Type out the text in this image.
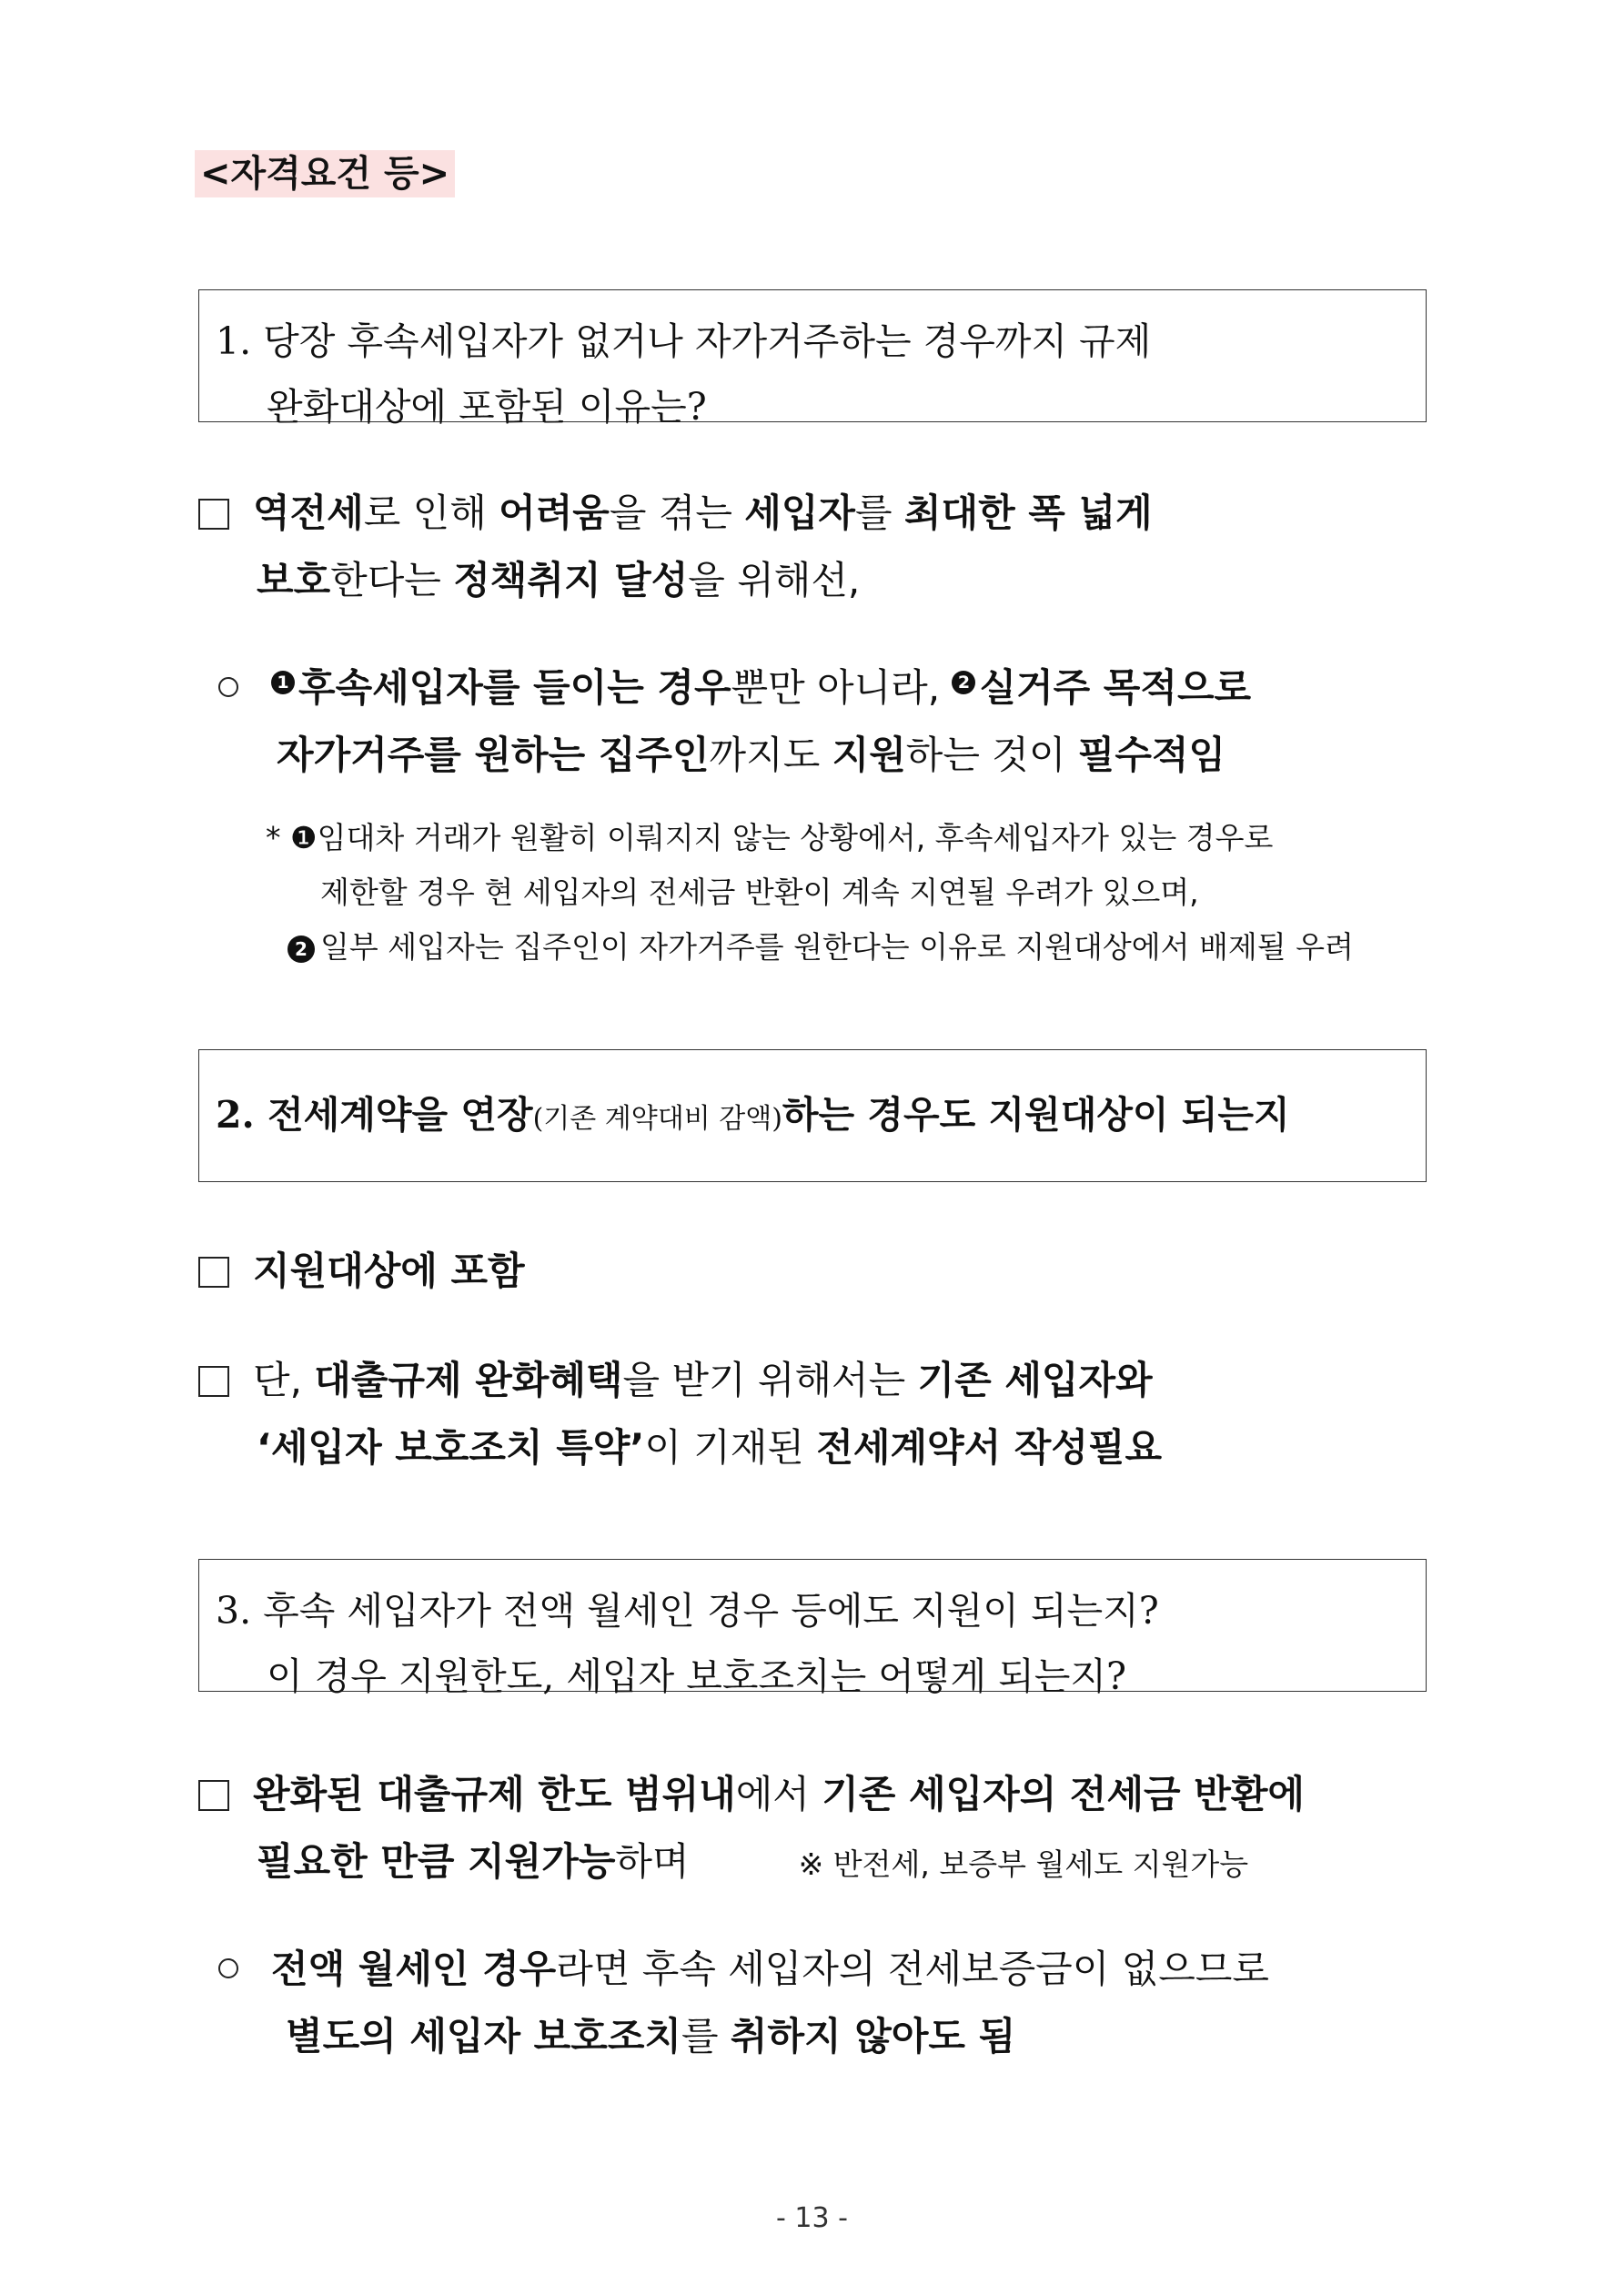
<자격요건 등>
1. 당장 후속세입자가 없거나 자가거주하는 경우까지 규제
완화대상에 포함된 이유는?
역전세로 인해 어려움을 겪는 세입자를 최대한 폭 넓게
보호한다는 정책취지 달성을 위해선,
1 후속세입자를 들이는 경우뿐만 아니라, 2 실거주 목적으로
자가거주를 원하는 집주인까지도 지원하는 것이 필수적임
* ❶임대차 거래가 원활히 이뤄지지 않는 상황에서, 후속세입자가 있는 경우로
제한할 경우 현 세입자의 전세금 반환이 계속 지연될 우려가 있으며,
2 일부 세입자는 집주인이 자가거주를 원한다는 이유로 지원대상에서 배제될 우려
2. 전세계약을 연장(기존 계약대비 감액)하는 경우도 지원대상이 되는지
지원대상에 포함
단, 대출규제 완화혜택을 받기 위해서는 기존 세입자와
‘세입자 보호조치 특약’이 기재된 전세계약서 작성필요
3. 후속 세입자가 전액 월세인 경우 등에도 지원이 되는지?
이 경우 지원한도, 세입자 보호조치는 어떻게 되는지?
완화된 대출규제 한도 범위내에서 기존 세입자의 전세금 반환에
필요한 만큼 지원가능하며	※ 반전세, 보증부 월세도 지원가능
전액 월세인 경우라면 후속 세입자의 전세보증금이 없으므로
별도의 세입자 보호조치를 취하지 않아도 됨
- 13 -
